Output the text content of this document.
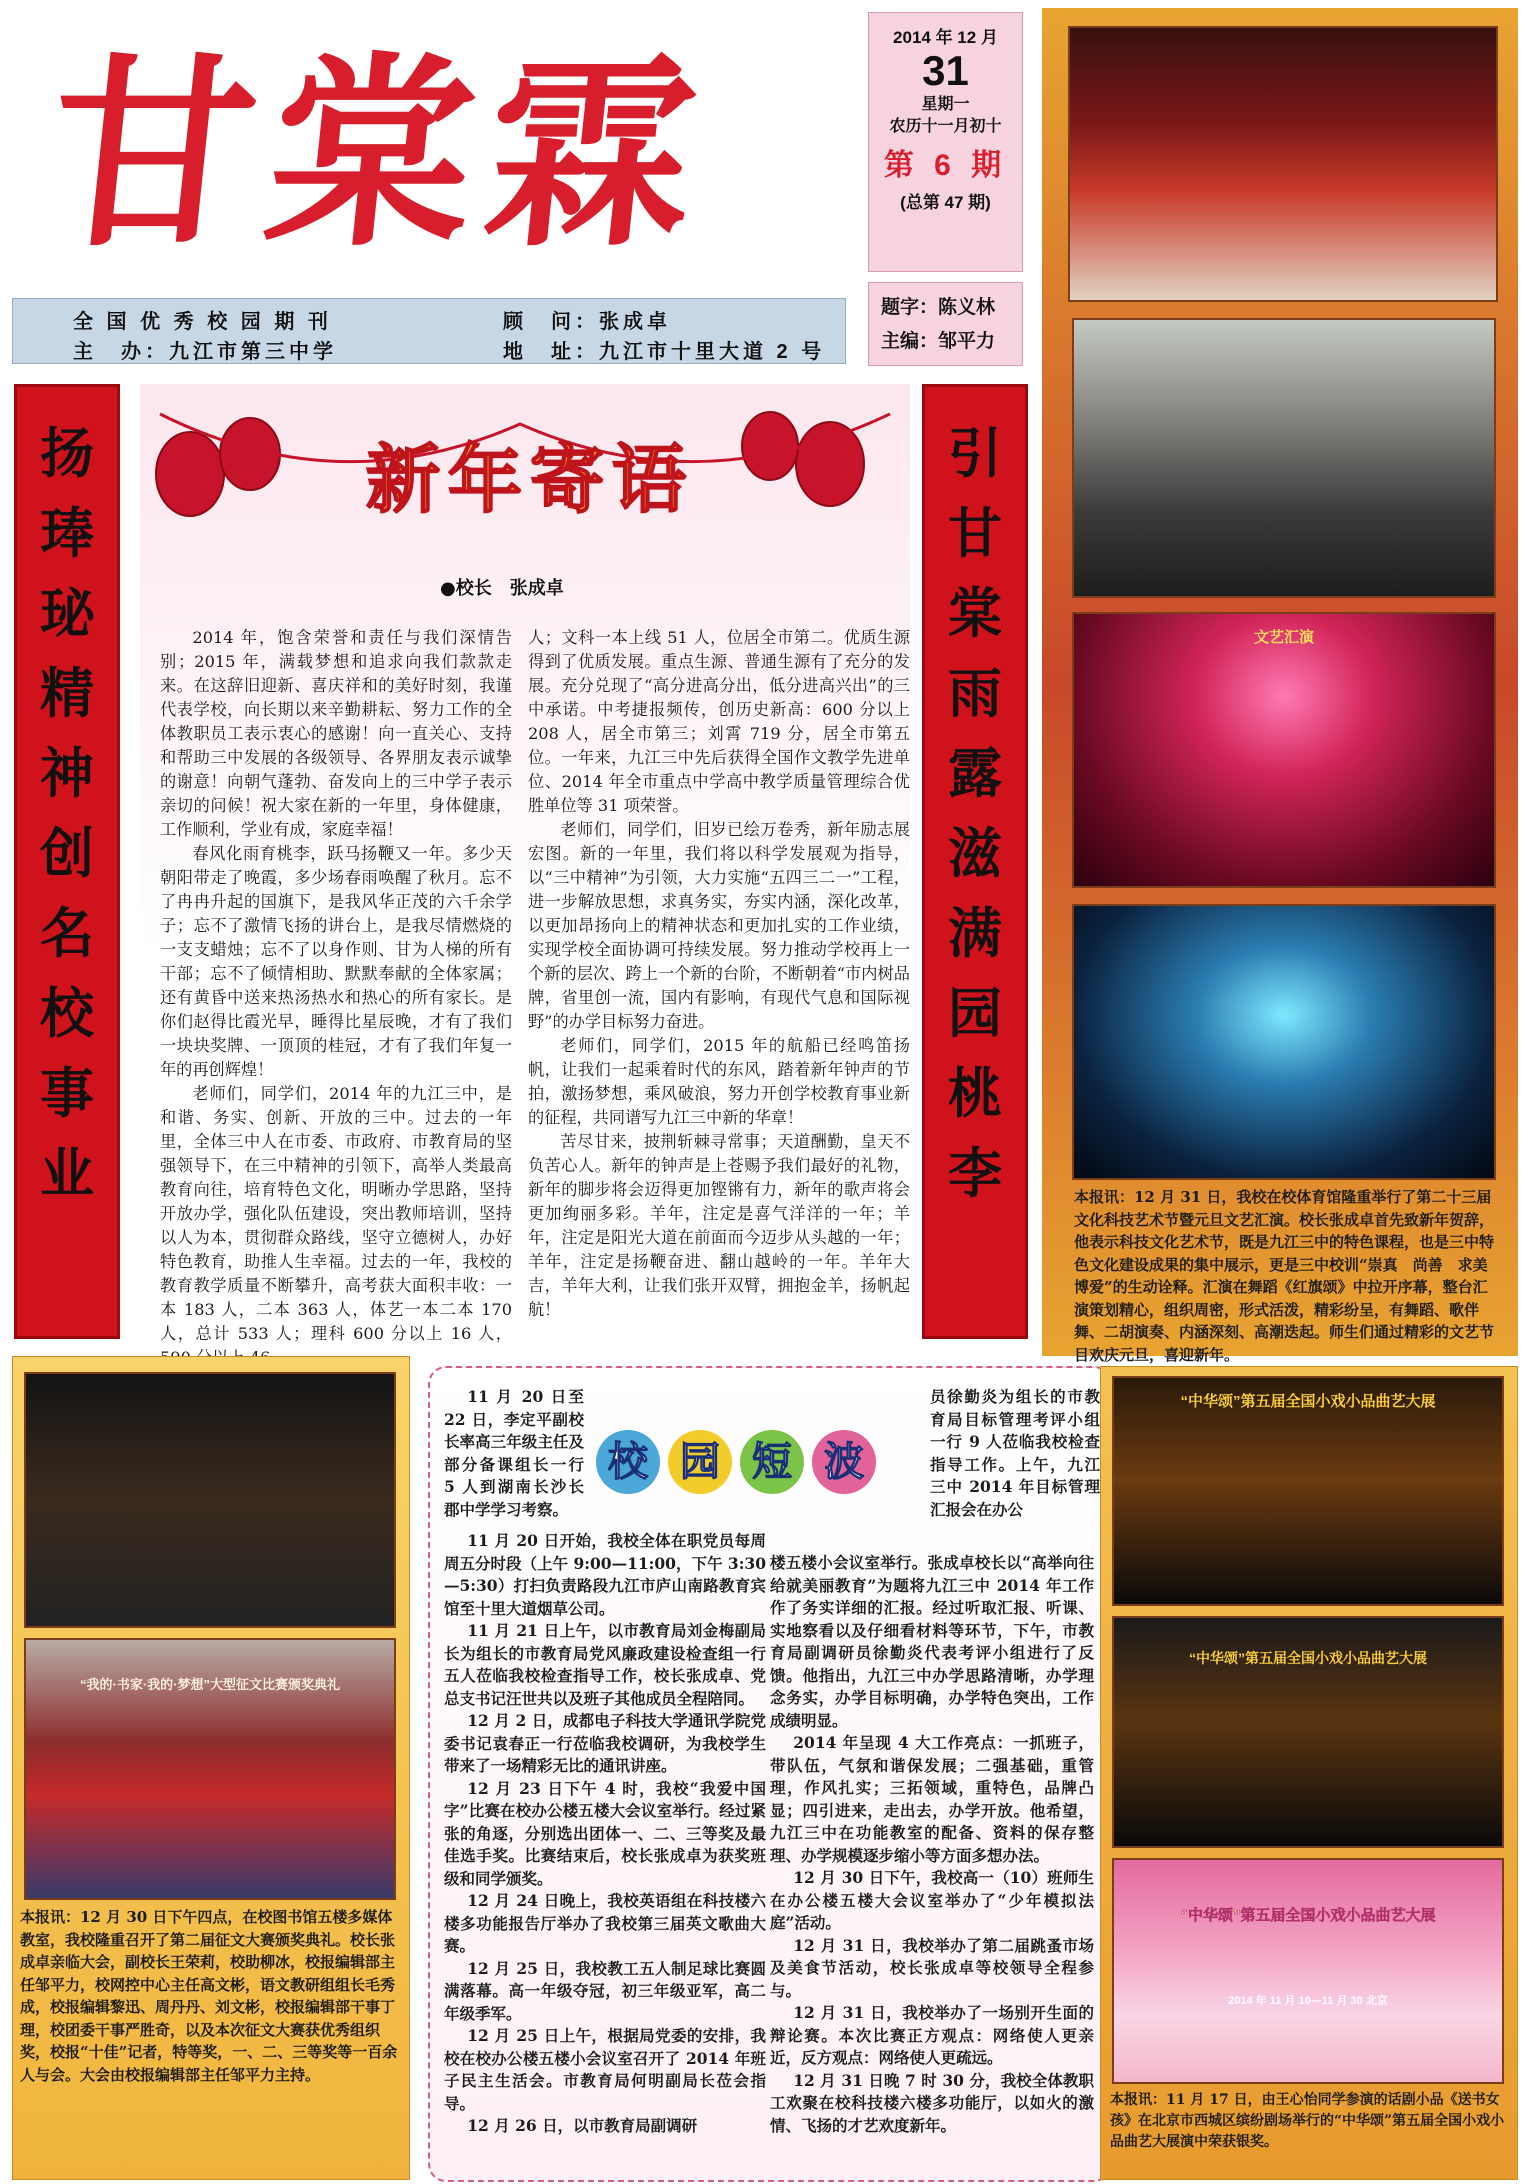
甘棠霖	2014 年 12 月
31
星期一
农历十一月初十
第 6 期
(总第 47 期)
全 国 优 秀 校 园 期 刊
主　办：九江市第三中学
顾　问：张成卓
地　址：九江市十里大道 2 号
题字：陈义林
主编：邹平力
文艺汇演
本报讯：12 月 31 日，我校在校体育馆隆重举行了第二十三届文化科技艺术节暨元旦文艺汇演。校长张成卓首先致新年贺辞，他表示科技文化艺术节，既是九江三中的特色课程，也是三中特色文化建设成果的集中展示，更是三中校训“崇真　尚善　求美　博爱”的生动诠释。汇演在舞蹈《红旗颂》中拉开序幕，整台汇演策划精心，组织周密，形式活泼，精彩纷呈，有舞蹈、歌伴舞、二胡演奏、内涵深刻、高潮迭起。师生们通过精彩的文艺节目欢庆元旦，喜迎新年。
扬
琫
珌
精
神
创
名
校
事
业
引
甘
棠
雨
露
滋
满
园
桃
李
新年寄语
●校长　张成卓

2014 年，饱含荣誉和责任与我们深情告别；2015 年，满载梦想和追求向我们款款走来。在这辞旧迎新、喜庆祥和的美好时刻，我谨代表学校，向长期以来辛勤耕耘、努力工作的全体教职员工表示衷心的感谢！向一直关心、支持和帮助三中发展的各级领导、各界朋友表示诚挚的谢意！向朝气蓬勃、奋发向上的三中学子表示亲切的问候！祝大家在新的一年里，身体健康，工作顺利，学业有成，家庭幸福！

春风化雨育桃李，跃马扬鞭又一年。多少天朝阳带走了晚霞，多少场春雨唤醒了秋月。忘不了冉冉升起的国旗下，是我风华正茂的六千余学子；忘不了激情飞扬的讲台上，是我尽情燃烧的一支支蜡烛；忘不了以身作则、甘为人梯的所有干部；忘不了倾情相助、默默奉献的全体家属；还有黄昏中送来热汤热水和热心的所有家长。是你们赵得比霞光早，睡得比星辰晚，才有了我们一块块奖牌、一顶顶的桂冠，才有了我们年复一年的再创辉煌！

老师们，同学们，2014 年的九江三中，是和谐、务实、创新、开放的三中。过去的一年里，全体三中人在市委、市政府、市教育局的坚强领导下，在三中精神的引领下，高举人类最高教育向往，培育特色文化，明晰办学思路，坚持开放办学，强化队伍建设，突出教师培训，坚持以人为本，贯彻群众路线，坚守立德树人，办好特色教育，助推人生幸福。过去的一年，我校的教育教学质量不断攀升，高考获大面积丰收：一本 183 人，二本 363 人，体艺一本二本 170 人，总计 533 人；理科 600 分以上 16 人，

人；文科一本上线 51 人，位居全市第二。优质生源得到了优质发展。重点生源、普通生源有了充分的发展。充分兑现了“高分进高分出，低分进高兴出”的三中承诺。中考捷报频传，创历史新高：600 分以上 208 人，居全市第三；刘霄 719 分，居全市第五位。一年来，九江三中先后获得全国作文教学先进单位、2014 年全市重点中学高中教学质量管理综合优胜单位等 31 项荣誉。

老师们，同学们，旧岁已绘万卷秀，新年励志展宏图。新的一年里，我们将以科学发展观为指导，以“三中精神”为引领，大力实施“五四三二一”工程，进一步解放思想，求真务实，夯实内涵，深化改革，以更加昂扬向上的精神状态和更加扎实的工作业绩，实现学校全面协调可持续发展。努力推动学校再上一个新的层次、跨上一个新的台阶，不断朝着“市内树品牌，省里创一流，国内有影响，有现代气息和国际视野”的办学目标努力奋进。

老师们，同学们，2015 年的航船已经鸣笛扬帆，让我们一起乘着时代的东风，踏着新年钟声的节拍，激扬梦想，乘风破浪，努力开创学校教育事业新的征程，共同谱写九江三中新的华章！

苦尽甘来，披荆斩棘寻常事；天道酬勤，皇天不负苦心人。新年的钟声是上苍赐予我们最好的礼物，新年的脚步将会迈得更加铿锵有力，新年的歌声将会更加绚丽多彩。羊年，注定是喜气洋洋的一年；羊年，注定是阳光大道在前面而今迈步从头越的一年；羊年，注定是扬鞭奋进、翻山越岭的一年。羊年大吉，羊年大利，让我们张开双臂，拥抱金羊，扬帆起航！

“我的·书家·我的·梦想”大型征文比赛颁奖典礼
本报讯：12 月 30 日下午四点，在校图书馆五楼多媒体教室，我校隆重召开了第二届征文大赛颁奖典礼。校长张成卓亲临大会，副校长王荣莉，校助柳冰，校报编辑部主任邹平力，校网控中心主任高文彬，语文教研组组长毛秀成，校报编辑黎迅、周丹丹、刘文彬，校报编辑部干事丁理，校团委干事严胜奇，以及本次征文大赛获优秀组织奖，校报“十佳”记者，特等奖，一、二、三等奖等一百余人与会。大会由校报编辑部主任邹平力主持。
校 园 短 波

11 月 20 日至 22 日，李定平副校长率高三年级主任及部分备课组长一行 5 人到湖南长沙长郡中学学习考察。

11 月 20 日开始，我校全体在职党员每周周五分时段（上午 9:00—11:00，下午 3:30—5:30）打扫负责路段九江市庐山南路教育宾馆至十里大道烟草公司。

11 月 21 日上午，以市教育局刘金梅副局长为组长的市教育局党风廉政建设检查组一行五人莅临我校检查指导工作，校长张成卓、党总支书记汪世共以及班子其他成员全程陪同。

12 月 2 日，成都电子科技大学通讯学院党委书记袁春正一行莅临我校调研，为我校学生带来了一场精彩无比的通讯讲座。

12 月 23 日下午 4 时，我校“我爱中国字”比赛在校办公楼五楼大会议室举行。经过紧张的角逐，分别选出团体一、二、三等奖及最佳选手奖。比赛结束后，校长张成卓为获奖班级和同学颁奖。

12 月 24 日晚上，我校英语组在科技楼六楼多功能报告厅举办了我校第三届英文歌曲大赛。

12 月 25 日，我校教工五人制足球比赛圆满落幕。高一年级夺冠，初三年级亚军，高二年级季军。

12 月 25 日上午，根据局党委的安排，我校在校办公楼五楼小会议室召开了 2014 年班子民主生活会。市教育局何明副局长莅会指导。

12 月 26 日，以市教育局副调研

员徐勤炎为组长的市教育局目标管理考评小组一行 9 人莅临我校检查指导工作。上午，九江三中 2014 年目标管理汇报会在办公

楼五楼小会议室举行。张成卓校长以“高举向往给就美丽教育”为题将九江三中 2014 年工作作了务实详细的汇报。经过听取汇报、听课、实地察看以及仔细看材料等环节，下午，市教育局副调研员徐勤炎代表考评小组进行了反馈。他指出，九江三中办学思路清晰，办学理念务实，办学目标明确，办学特色突出，工作成绩明显。

2014 年呈现 4 大工作亮点：一抓班子，带队伍，气氛和谐保发展；二强基础，重管理，作风扎实；三拓领域，重特色，品牌凸显；四引进来，走出去，办学开放。他希望，九江三中在功能教室的配备、资料的保存整理、办学规模逐步缩小等方面多想办法。

12 月 30 日下午，我校高一（10）班师生在办公楼五楼大会议室举办了“少年模拟法庭”活动。

12 月 31 日，我校举办了第二届跳蚤市场及美食节活动，校长张成卓等校领导全程参与。

12 月 31 日，我校举办了一场别开生面的辩论赛。本次比赛正方观点：网络使人更亲近，反方观点：网络使人更疏远。

12 月 31 日晚 7 时 30 分，我校全体教职工欢聚在校科技楼六楼多功能厅，以如火的激情、飞扬的才艺欢度新年。

“中华颂”第五届全国小戏小品曲艺大展
“中华颂”第五届全国小戏小品曲艺大展
“中华颂”第五届全国小戏小品曲艺大展
2014 年 11 月 10—11 月 30 北京
本报讯：11 月 17 日，由王心怡同学参演的话剧小品《送书女孩》在北京市西城区缤纷剧场举行的“中华颂”第五届全国小戏小品曲艺大展演中荣获银奖。
